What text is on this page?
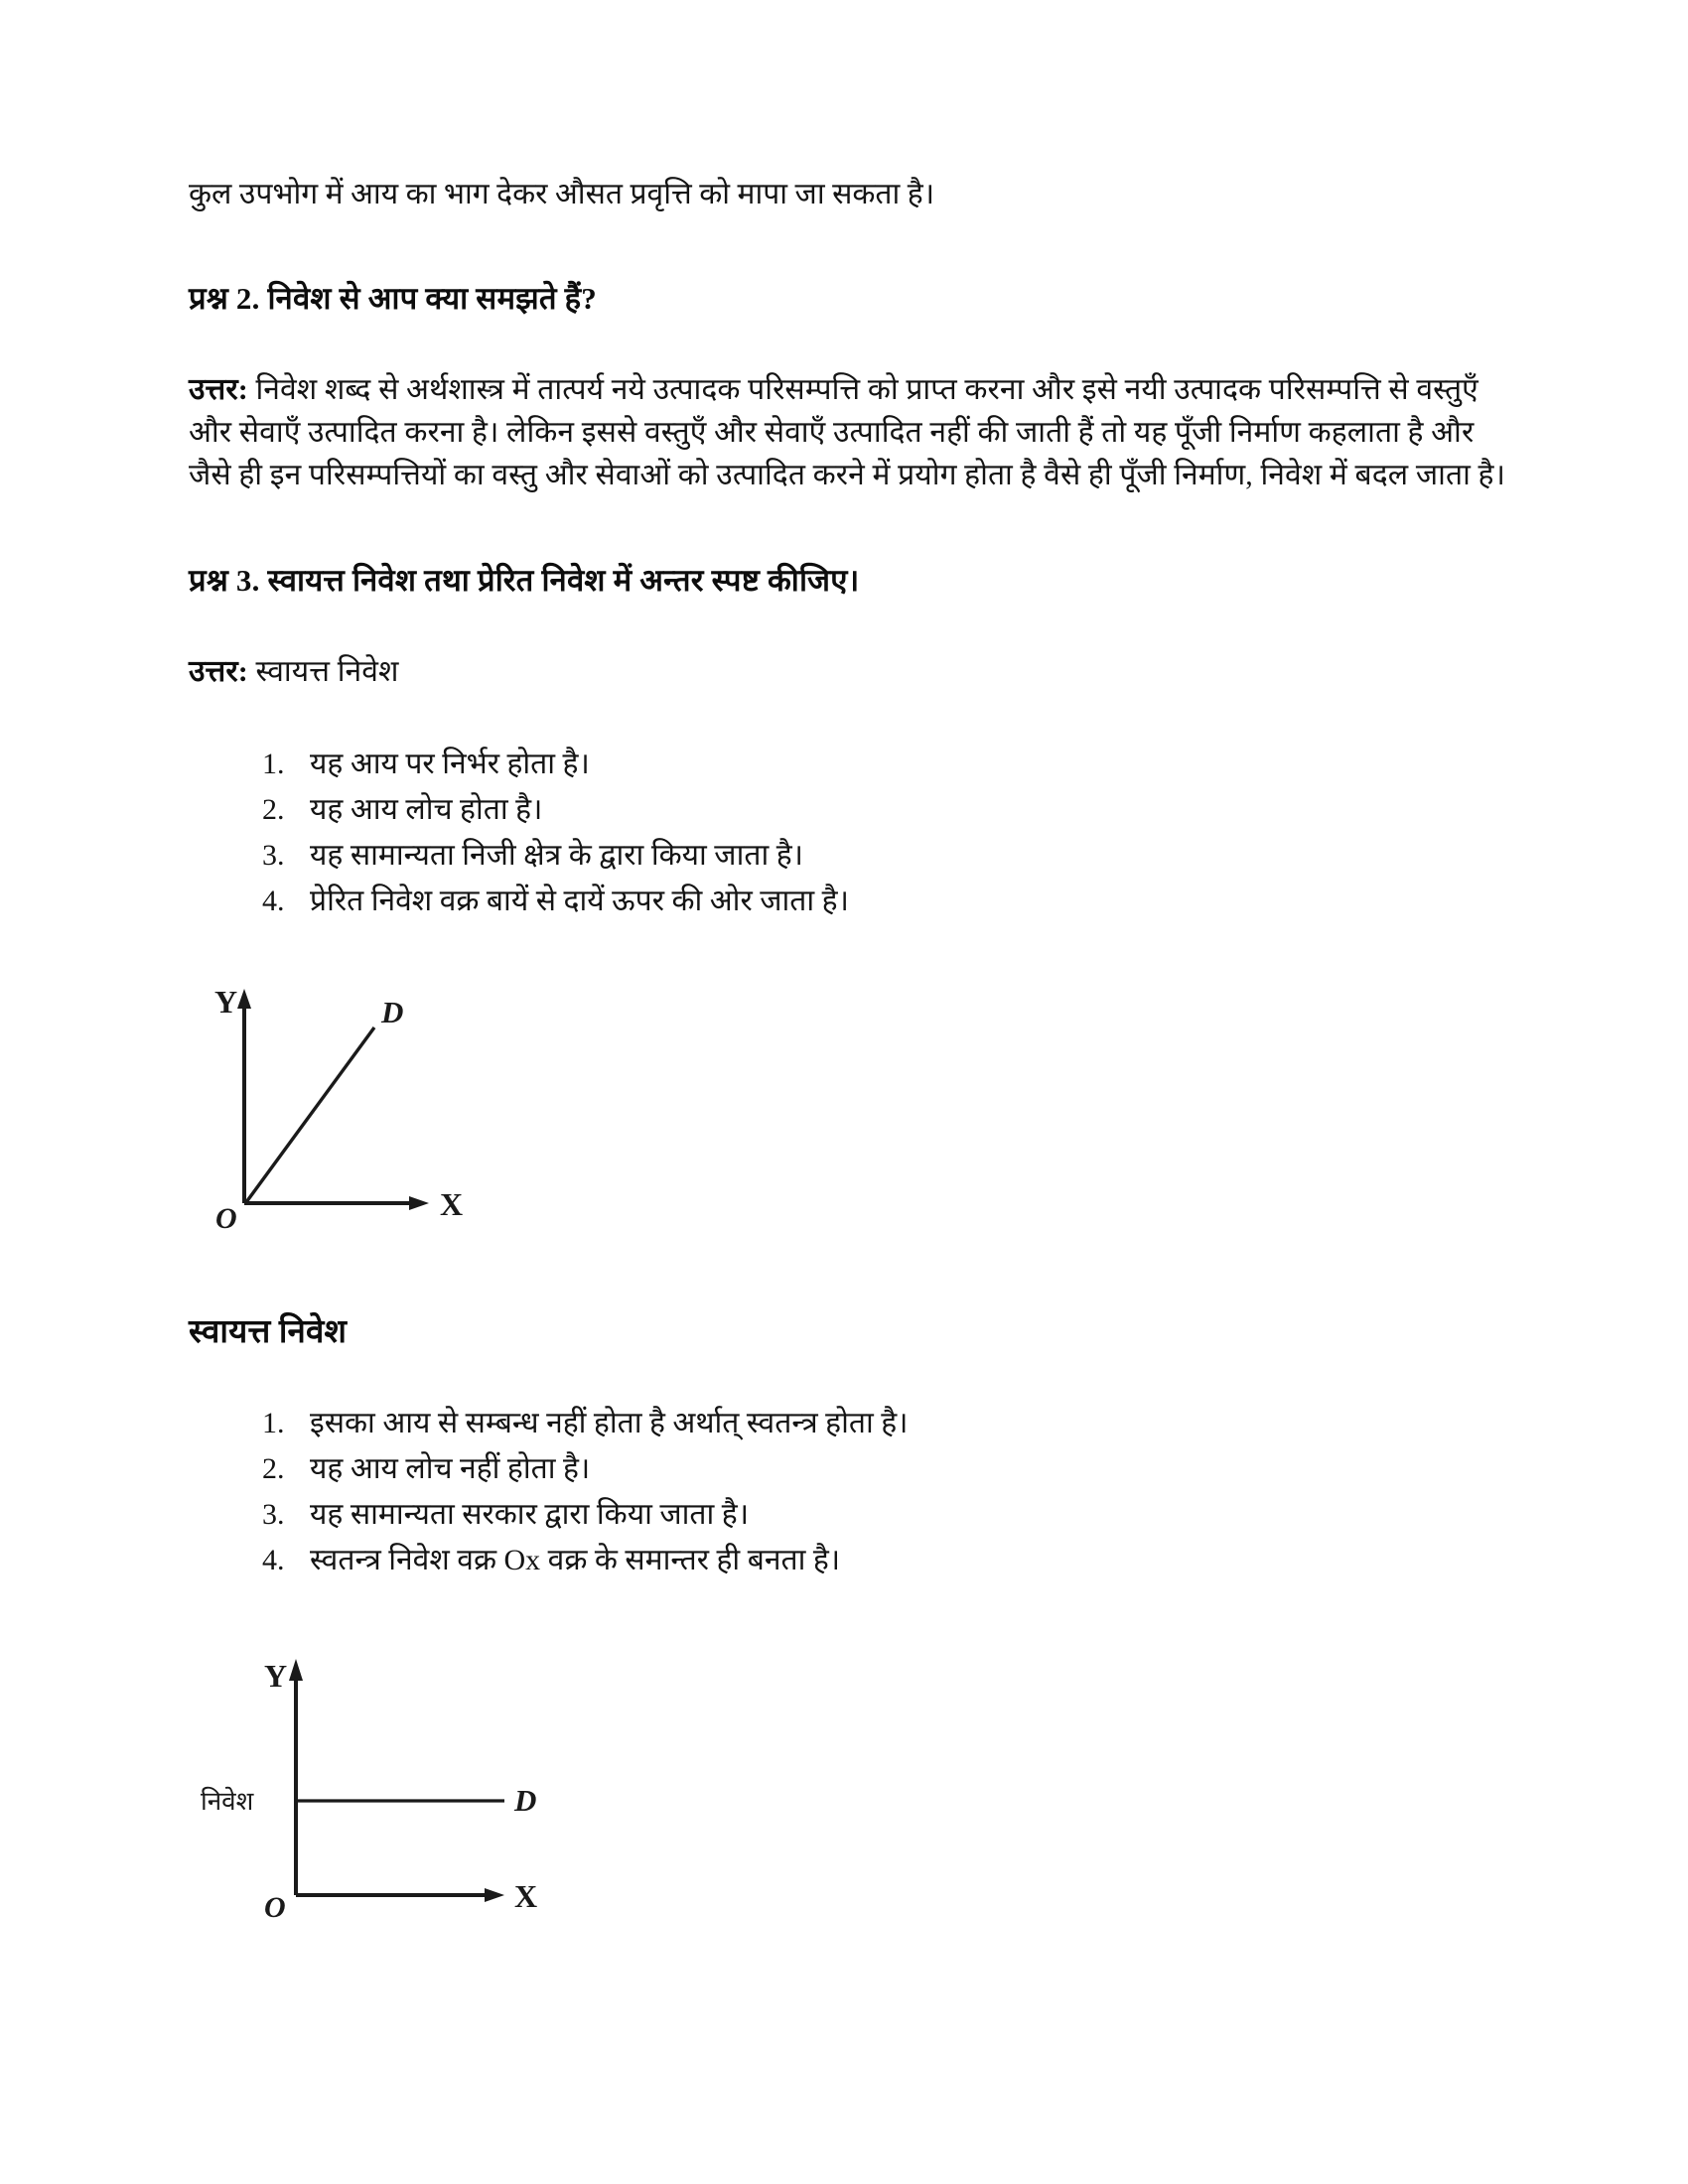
कुल उपभोग में आय का भाग देकर औसत प्रवृत्ति को मापा जा सकता है।

प्रश्न 2. निवेश से आप क्या समझते हैं?

उत्तर: निवेश शब्द से अर्थशास्त्र में तात्पर्य नये उत्पादक परिसम्पत्ति को प्राप्त करना और इसे नयी उत्पादक परिसम्पत्ति से वस्तुएँ और सेवाएँ उत्पादित करना है। लेकिन इससे वस्तुएँ और सेवाएँ उत्पादित नहीं की जाती हैं तो यह पूँजी निर्माण कहलाता है और जैसे ही इन परिसम्पत्तियों का वस्तु और सेवाओं को उत्पादित करने में प्रयोग होता है वैसे ही पूँजी निर्माण, निवेश में बदल जाता है।

प्रश्न 3. स्वायत्त निवेश तथा प्रेरित निवेश में अन्तर स्पष्ट कीजिए।

उत्तर: स्वायत्त निवेश

1. यह आय पर निर्भर होता है।
2. यह आय लोच होता है।
3. यह सामान्यता निजी क्षेत्र के द्वारा किया जाता है।
4. प्रेरित निवेश वक्र बायें से दायें ऊपर की ओर जाता है।
Y
X
O
D
स्वायत्त निवेश
1. इसका आय से सम्बन्ध नहीं होता है अर्थात् स्वतन्त्र होता है।
2. यह आय लोच नहीं होता है।
3. यह सामान्यता सरकार द्वारा किया जाता है।
4. स्वतन्त्र निवेश वक्र Ox वक्र के समान्तर ही बनता है।
Y
X
O
D
निवेश
